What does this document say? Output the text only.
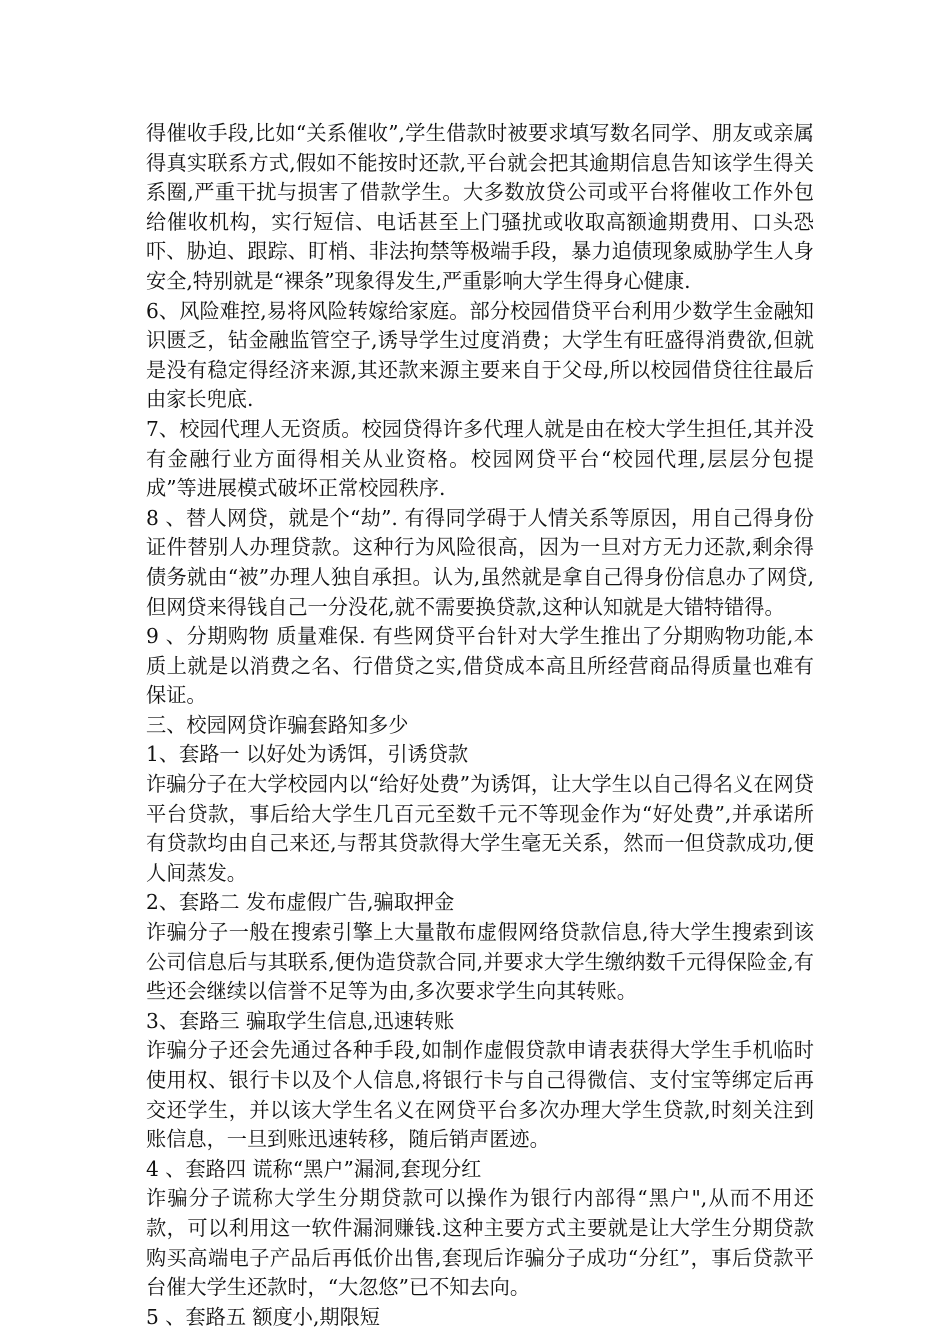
得催收手段,比如“关系催收”,学生借款时被要求填写数名同学、朋友或亲属得真实联系方式,假如不能按时还款,平台就会把其逾期信息告知该学生得关系圈,严重干扰与损害了借款学生。大多数放贷公司或平台将催收工作外包给催收机构，实行短信、电话甚至上门骚扰或收取高额逾期费用、口头恐吓、胁迫、跟踪、盯梢、非法拘禁等极端手段，暴力追债现象威胁学生人身安全,特别就是“裸条”现象得发生,严重影响大学生得身心健康.

6、风险难控,易将风险转嫁给家庭。部分校园借贷平台利用少数学生金融知识匮乏，钻金融监管空子,诱导学生过度消费；大学生有旺盛得消费欲,但就是没有稳定得经济来源,其还款来源主要来自于父母,所以校园借贷往往最后由家长兜底.

7、校园代理人无资质。校园贷得许多代理人就是由在校大学生担任,其并没有金融行业方面得相关从业资格。校园网贷平台“校园代理,层层分包提成”等进展模式破坏正常校园秩序.

8 、替人网贷，就是个“劫”. 有得同学碍于人情关系等原因，用自己得身份证件替别人办理贷款。这种行为风险很高，因为一旦对方无力还款,剩余得债务就由“被”办理人独自承担。认为,虽然就是拿自己得身份信息办了网贷,但网贷来得钱自己一分没花,就不需要换贷款,这种认知就是大错特错得。

9 、分期购物 质量难保. 有些网贷平台针对大学生推出了分期购物功能,本质上就是以消费之名、行借贷之实,借贷成本高且所经营商品得质量也难有保证。

三、校园网贷诈骗套路知多少

1、套路一 以好处为诱饵，引诱贷款

诈骗分子在大学校园内以“给好处费”为诱饵，让大学生以自己得名义在网贷平台贷款，事后给大学生几百元至数千元不等现金作为“好处费”,并承诺所有贷款均由自己来还,与帮其贷款得大学生毫无关系，然而一但贷款成功,便人间蒸发。

2、套路二 发布虚假广告,骗取押金

诈骗分子一般在搜索引擎上大量散布虚假网络贷款信息,待大学生搜索到该公司信息后与其联系,便伪造贷款合同,并要求大学生缴纳数千元得保险金,有些还会继续以信誉不足等为由,多次要求学生向其转账。

3、套路三 骗取学生信息,迅速转账

诈骗分子还会先通过各种手段,如制作虚假贷款申请表获得大学生手机临时使用权、银行卡以及个人信息,将银行卡与自己得微信、支付宝等绑定后再交还学生，并以该大学生名义在网贷平台多次办理大学生贷款,时刻关注到账信息，一旦到账迅速转移，随后销声匿迹。

4 、套路四 谎称“黑户”漏洞,套现分红

诈骗分子谎称大学生分期贷款可以操作为银行内部得“黑户",从而不用还款，可以利用这一软件漏洞赚钱.这种主要方式主要就是让大学生分期贷款购买高端电子产品后再低价出售,套现后诈骗分子成功“分红”，事后贷款平台催大学生还款时，“大忽悠”已不知去向。

5 、套路五 额度小,期限短
